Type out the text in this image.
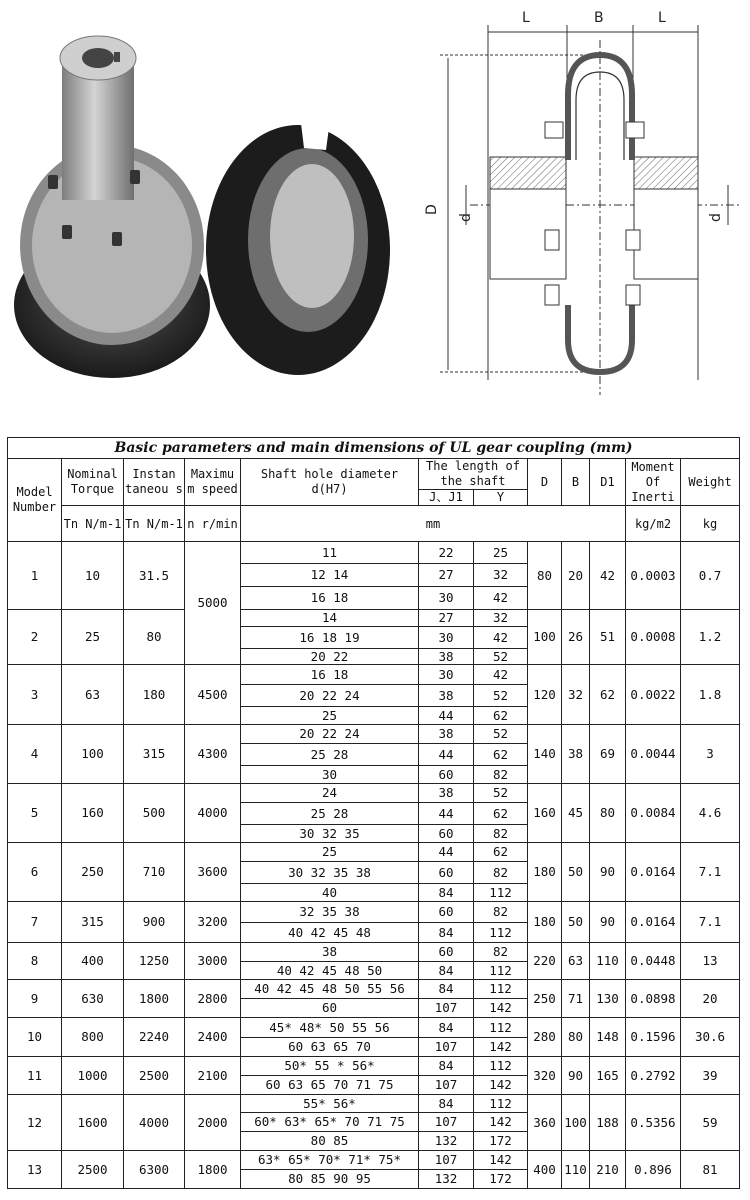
L	B	L
D
d	d
Basic parameters and main dimensions of UL gear coupling (mm)											
Model Number	Nominal Torque	Instan taneou s	Maximu m speed	Shaft hole diameter d(H7)	The length of the shaft		D	B	D1	Moment Of Inerti	Weight
					J、J1	Y					
	Tn N/m-1	Tn N/m-1	n r/min	mm						kg/m2	kg
1	10	31.5	5000	11	22	25	80	20	42	0.0003	0.7
				12 14	27	32					
				16 18	30	42					
2	25	80		14	27	32	100	26	51	0.0008	1.2
				16 18 19	30	42					
				20 22	38	52					
3	63	180	4500	16 18	30	42	120	32	62	0.0022	1.8
				20 22 24	38	52					
				25	44	62					
4	100	315	4300	20 22 24	38	52	140	38	69	0.0044	3
				25 28	44	62					
				30	60	82					
5	160	500	4000	24	38	52	160	45	80	0.0084	4.6
				25 28	44	62					
				30 32 35	60	82					
6	250	710	3600	25	44	62	180	50	90	0.0164	7.1
				30 32 35 38	60	82					
				40	84	112					
7	315	900	3200	32 35 38	60	82	180	50	90	0.0164	7.1
				40 42 45 48	84	112					
8	400	1250	3000	38	60	82	220	63	110	0.0448	13
				40 42 45 48 50	84	112					
9	630	1800	2800	40 42 45 48 50 55 56	84	112	250	71	130	0.0898	20
				60	107	142					
10	800	2240	2400	45* 48* 50 55 56	84	112	280	80	148	0.1596	30.6
				60 63 65 70	107	142					
11	1000	2500	2100	50* 55 * 56*	84	112	320	90	165	0.2792	39
				60 63 65 70 71 75	107	142					
12	1600	4000	2000	55* 56*	84	112	360	100	188	0.5356	59
				60* 63* 65* 70 71 75	107	142					
				80 85	132	172					
13	2500	6300	1800	63* 65* 70* 71* 75*	107	142	400	110	210	0.896	81
				80 85 90 95	132	172					
